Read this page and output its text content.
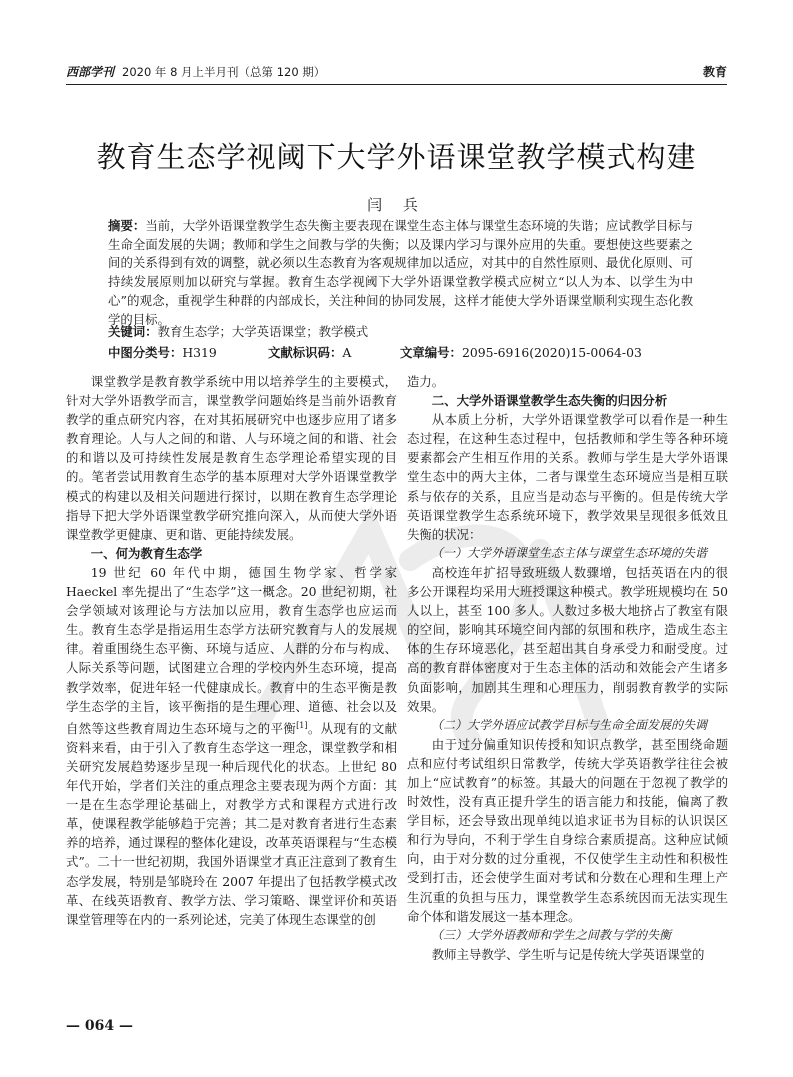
西部学刊 2020 年 8 月上半月刊（总第 120 期）	教育
教育生态学视阈下大学外语课堂教学模式构建
闫 兵
摘要：当前，大学外语课堂教学生态失衡主要表现在课堂生态主体与课堂生态环境的失谐；应试教学目标与生命全面发展的失调；教师和学生之间教与学的失衡；以及课内学习与课外应用的失重。要想使这些要素之间的关系得到有效的调整，就必须以生态教育为客观规律加以适应，对其中的自然性原则、最优化原则、可持续发展原则加以研究与掌握。教育生态学视阈下大学外语课堂教学模式应树立“以人为本、以学生为中心”的观念，重视学生种群的内部成长，关注种间的协同发展，这样才能使大学外语课堂顺利实现生态化教学的目标。
关键词：教育生态学；大学英语课堂；教学模式
中图分类号： H319	文献标识码： A	文章编号： 2095-6916(2020)15-0064-03

课堂教学是教育教学系统中用以培养学生的主要模式，针对大学外语教学而言，课堂教学问题始终是当前外语教育教学的重点研究内容，在对其拓展研究中也逐步应用了诸多教育理论。人与人之间的和谐、人与环境之间的和谐、社会的和谐以及可持续性发展是教育生态学理论希望实现的目的。笔者尝试用教育生态学的基本原理对大学外语课堂教学模式的构建以及相关问题进行探讨，以期在教育生态学理论指导下把大学外语课堂教学研究推向深入，从而使大学外语课堂教学更健康、更和谐、更能持续发展。

一、何为教育生态学

19 世纪 60 年代中期，德国生物学家、哲学家 Haeckel 率先提出了“生态学”这一概念。20 世纪初期，社会学领域对该理论与方法加以应用，教育生态学也应运而生。教育生态学是指运用生态学方法研究教育与人的发展规律。着重围绕生态平衡、环境与适应、人群的分布与构成、人际关系等问题，试图建立合理的学校内外生态环境，提高教学效率，促进年轻一代健康成长。教育中的生态平衡是教学生态学的主旨，该平衡指的是生理心理、道德、社会以及自然等这些教育周边生态环境与之的平衡[1]。从现有的文献资料来看，由于引入了教育生态学这一理念，课堂教学和相关研究发展趋势逐步呈现一种后现代化的状态。上世纪 80 年代开始，学者们关注的重点理念主要表现为两个方面：其一是在生态学理论基础上，对教学方式和课程方式进行改革，使课程教学能够趋于完善；其二是对教育者进行生态素养的培养，通过课程的整体化建设，改革英语课程与“生态模式”。二十一世纪初期，我国外语课堂才真正注意到了教育生态学发展，特别是邹晓玲在 2007 年提出了包括教学模式改革、在线英语教育、教学方法、学习策略、课堂评价和英语课堂管理等在内的一系列论述，完美了体现生态课堂的创

造力。

二、大学外语课堂教学生态失衡的归因分析

从本质上分析，大学外语课堂教学可以看作是一种生态过程，在这种生态过程中，包括教师和学生等各种环境要素都会产生相互作用的关系。教师与学生是大学外语课堂生态中的两大主体，二者与课堂生态环境应当是相互联系与依存的关系，且应当是动态与平衡的。但是传统大学英语课堂教学生态系统环境下，教学效果呈现很多低效且失衡的状况：

（一）大学外语课堂生态主体与课堂生态环境的失谐

高校连年扩招导致班级人数骤增，包括英语在内的很多公开课程均采用大班授课这种模式。教学班规模均在 50 人以上，甚至 100 多人。人数过多极大地挤占了教室有限的空间，影响其环境空间内部的氛围和秩序，造成生态主体的生存环境恶化，甚至超出其自身承受力和耐受度。过高的教育群体密度对于生态主体的活动和效能会产生诸多负面影响，加剧其生理和心理压力，削弱教育教学的实际效果。

（二）大学外语应试教学目标与生命全面发展的失调

由于过分偏重知识传授和知识点教学，甚至围绕命题点和应付考试组织日常教学，传统大学英语教学往往会被加上“应试教育”的标签。其最大的问题在于忽视了教学的时效性，没有真正提升学生的语言能力和技能，偏离了教学目标，还会导致出现单纯以追求证书为目标的认识误区和行为导向，不利于学生自身综合素质提高。这种应试倾向，由于对分数的过分重视，不仅使学生主动性和积极性受到打击，还会使学生面对考试和分数在心理和生理上产生沉重的负担与压力，课堂教学生态系统因而无法实现生命个体和谐发展这一基本理念。

（三）大学外语教师和学生之间教与学的失衡

教师主导教学、学生听与记是传统大学英语课堂的

— 064 —
